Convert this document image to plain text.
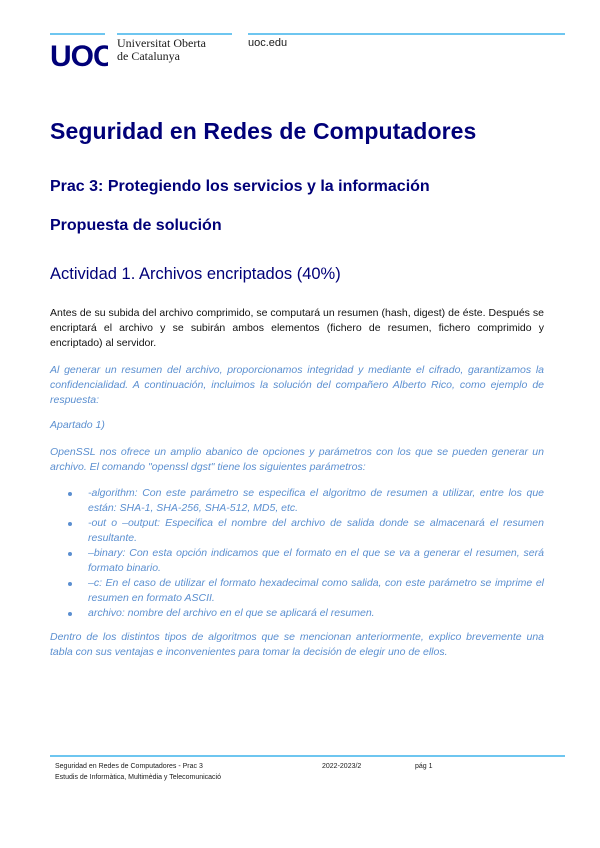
UOC Universitat Oberta
de Catalunya
uoc.edu
Seguridad en Redes de Computadores
Prac 3: Protegiendo los servicios y la información
Propuesta de solución
Actividad 1. Archivos encriptados (40%)
Antes de su subida del archivo comprimido, se computará un resumen (hash, digest) de éste. Después se encriptará el archivo y se subirán ambos elementos (fichero de resumen, fichero comprimido y encriptado) al servidor.
Al generar un resumen del archivo, proporcionamos integridad y mediante el cifrado, garantizamos la confidencialidad. A continuación, incluimos la solución del compañero Alberto Rico, como ejemplo de respuesta:
Apartado 1)
OpenSSL nos ofrece un amplio abanico de opciones y parámetros con los que se pueden generar un archivo. El comando "openssl dgst" tiene los siguientes parámetros:
-algorithm: Con este parámetro se especifica el algoritmo de resumen a utilizar, entre los que están: SHA-1, SHA-256, SHA-512, MD5, etc.
-out o –output: Especifica el nombre del archivo de salida donde se almacenará el resumen resultante.
–binary: Con esta opción indicamos que el formato en el que se va a generar el resumen, será formato binario.
–c: En el caso de utilizar el formato hexadecimal como salida, con este parámetro se imprime el resumen en formato ASCII.
archivo: nombre del archivo en el que se aplicará el resumen.
Dentro de los distintos tipos de algoritmos que se mencionan anteriormente, explico brevemente una tabla con sus ventajas e inconvenientes para tomar la decisión de elegir uno de ellos.
Seguridad en Redes de Computadores - Prac 3
Estudis de Informàtica, Multimèdia y Telecomunicació
2022-2023/2	pág 1
